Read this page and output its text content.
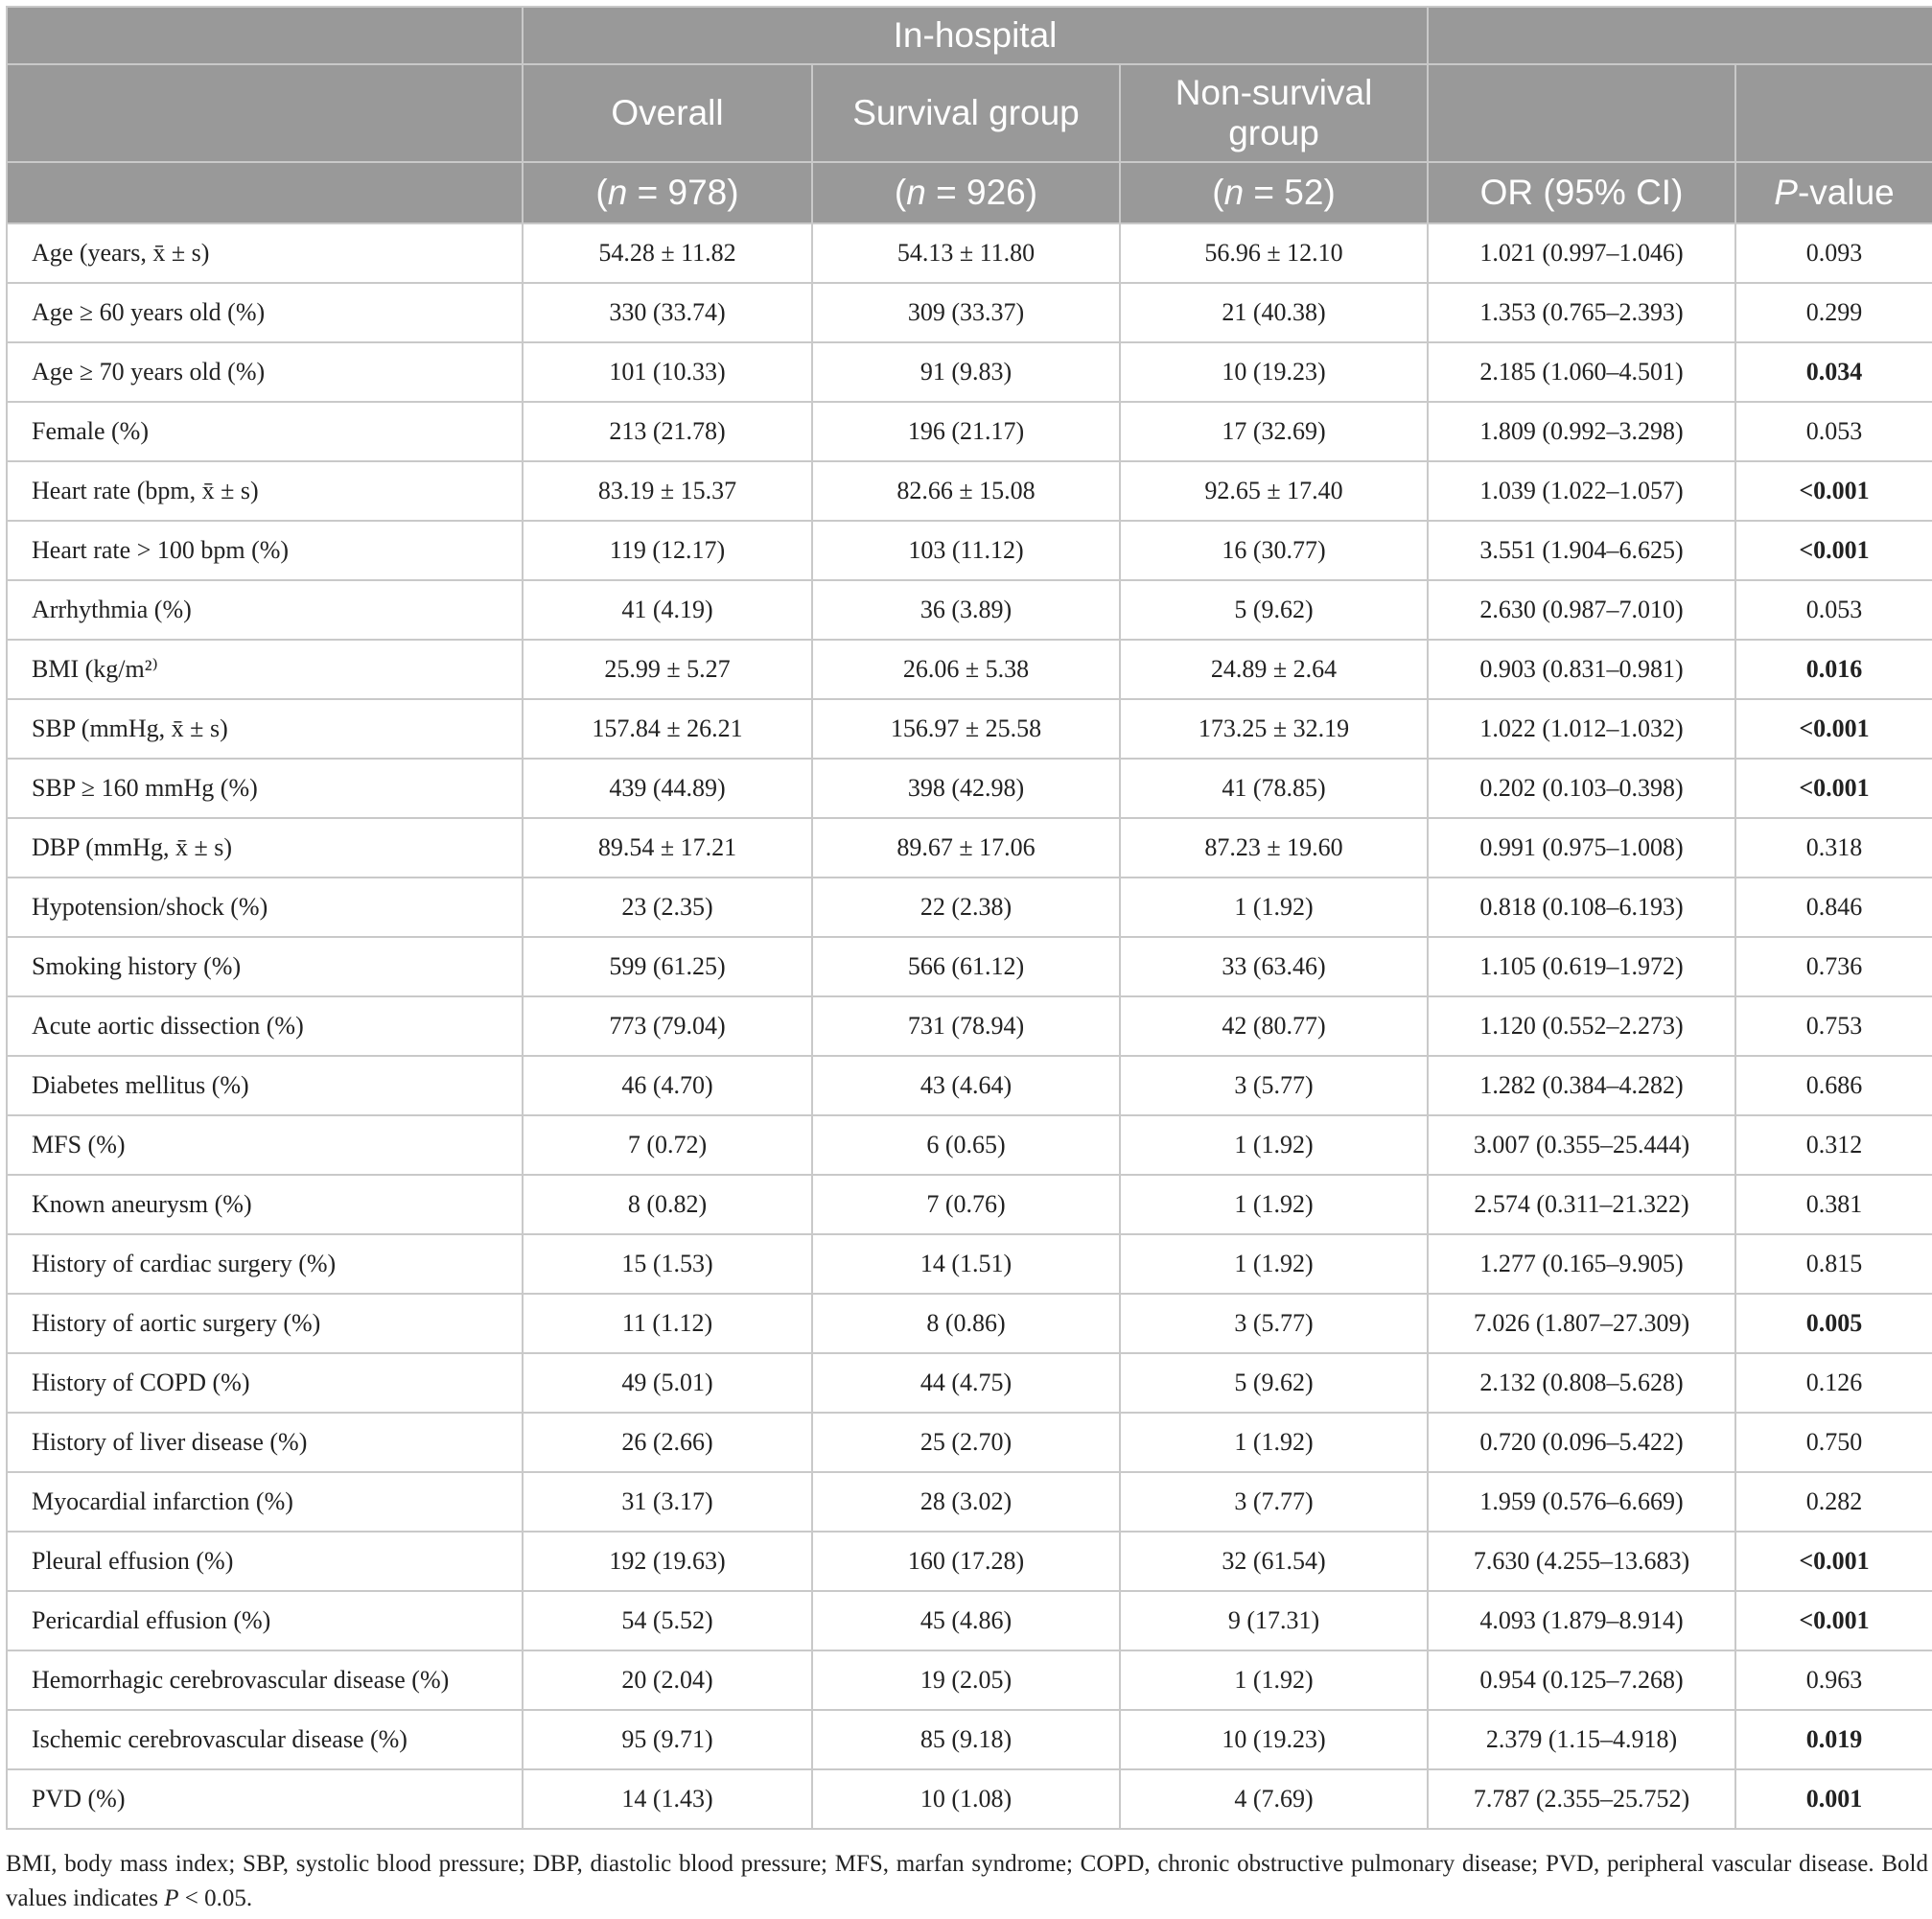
	In-hospital				
	Overall	Survival group	Non-survival group		
	(n = 978)	(n = 926)	(n = 52)	OR (95% CI)	P-value
Age (years, x̄ ± s)	54.28 ± 11.82	54.13 ± 11.80	56.96 ± 12.10	1.021 (0.997–1.046)	0.093
Age ≥ 60 years old (%)	330 (33.74)	309 (33.37)	21 (40.38)	1.353 (0.765–2.393)	0.299
Age ≥ 70 years old (%)	101 (10.33)	91 (9.83)	10 (19.23)	2.185 (1.060–4.501)	0.034
Female (%)	213 (21.78)	196 (21.17)	17 (32.69)	1.809 (0.992–3.298)	0.053
Heart rate (bpm, x̄ ± s)	83.19 ± 15.37	82.66 ± 15.08	92.65 ± 17.40	1.039 (1.022–1.057)	<0.001
Heart rate > 100 bpm (%)	119 (12.17)	103 (11.12)	16 (30.77)	3.551 (1.904–6.625)	<0.001
Arrhythmia (%)	41 (4.19)	36 (3.89)	5 (9.62)	2.630 (0.987–7.010)	0.053
BMI (kg/m²⁾	25.99 ± 5.27	26.06 ± 5.38	24.89 ± 2.64	0.903 (0.831–0.981)	0.016
SBP (mmHg, x̄ ± s)	157.84 ± 26.21	156.97 ± 25.58	173.25 ± 32.19	1.022 (1.012–1.032)	<0.001
SBP ≥ 160 mmHg (%)	439 (44.89)	398 (42.98)	41 (78.85)	0.202 (0.103–0.398)	<0.001
DBP (mmHg, x̄ ± s)	89.54 ± 17.21	89.67 ± 17.06	87.23 ± 19.60	0.991 (0.975–1.008)	0.318
Hypotension/shock (%)	23 (2.35)	22 (2.38)	1 (1.92)	0.818 (0.108–6.193)	0.846
Smoking history (%)	599 (61.25)	566 (61.12)	33 (63.46)	1.105 (0.619–1.972)	0.736
Acute aortic dissection (%)	773 (79.04)	731 (78.94)	42 (80.77)	1.120 (0.552–2.273)	0.753
Diabetes mellitus (%)	46 (4.70)	43 (4.64)	3 (5.77)	1.282 (0.384–4.282)	0.686
MFS (%)	7 (0.72)	6 (0.65)	1 (1.92)	3.007 (0.355–25.444)	0.312
Known aneurysm (%)	8 (0.82)	7 (0.76)	1 (1.92)	2.574 (0.311–21.322)	0.381
History of cardiac surgery (%)	15 (1.53)	14 (1.51)	1 (1.92)	1.277 (0.165–9.905)	0.815
History of aortic surgery (%)	11 (1.12)	8 (0.86)	3 (5.77)	7.026 (1.807–27.309)	0.005
History of COPD (%)	49 (5.01)	44 (4.75)	5 (9.62)	2.132 (0.808–5.628)	0.126
History of liver disease (%)	26 (2.66)	25 (2.70)	1 (1.92)	0.720 (0.096–5.422)	0.750
Myocardial infarction (%)	31 (3.17)	28 (3.02)	3 (7.77)	1.959 (0.576–6.669)	0.282
Pleural effusion (%)	192 (19.63)	160 (17.28)	32 (61.54)	7.630 (4.255–13.683)	<0.001
Pericardial effusion (%)	54 (5.52)	45 (4.86)	9 (17.31)	4.093 (1.879–8.914)	<0.001
Hemorrhagic cerebrovascular disease (%)	20 (2.04)	19 (2.05)	1 (1.92)	0.954 (0.125–7.268)	0.963
Ischemic cerebrovascular disease (%)	95 (9.71)	85 (9.18)	10 (19.23)	2.379 (1.15–4.918)	0.019
PVD (%)	14 (1.43)	10 (1.08)	4 (7.69)	7.787 (2.355–25.752)	0.001
BMI, body mass index; SBP, systolic blood pressure; DBP, diastolic blood pressure; MFS, marfan syndrome; COPD, chronic obstructive pulmonary disease; PVD, peripheral vascular disease. Bold values indicates P < 0.05.
